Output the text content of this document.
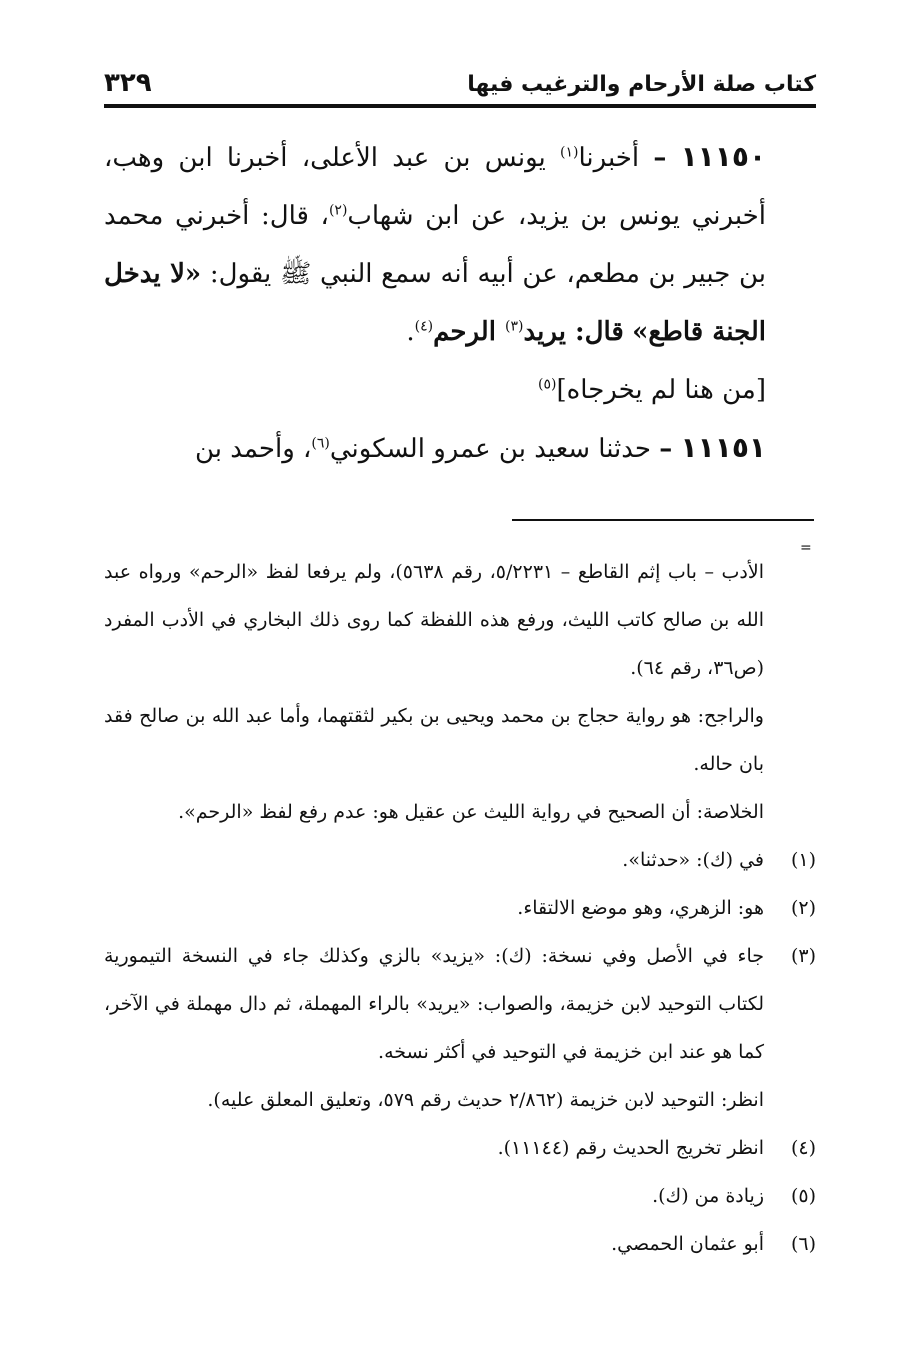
كتاب صلة الأرحام والترغيب فيها
٣٢٩

١١١٥٠ – أخبرنا$^{(١)}$ يونس بن عبد الأعلى، أخبرنا ابن وهب، أخبرني يونس بن يزيد، عن ابن شهاب$^{(٢)}$، قال: أخبرني محمد بن جبير بن مطعم، عن أبيه أنه سمع النبي ﷺ يقول: «لا يدخل الجنة قاطع» قال: يريد$^{(٣)}$ الرحم$^{(٤)}$.

[من هنا لم يخرجاه]$^{(٥)}$

١١١٥١ – حدثنا سعيد بن عمرو السكوني$^{(٦)}$، وأحمد بن

=

الأدب – باب إثم القاطع – ٥/٢٢٣١، رقم ٥٦٣٨)، ولم يرفعا لفظ «الرحم» ورواه عبد الله بن صالح كاتب الليث، ورفع هذه اللفظة كما روى ذلك البخاري في الأدب المفرد (ص٣٦، رقم ٦٤).

والراجح: هو رواية حجاج بن محمد ويحيى بن بكير لثقتهما، وأما عبد الله بن صالح فقد بان حاله.

الخلاصة: أن الصحيح في رواية الليث عن عقيل هو: عدم رفع لفظ «الرحم».

(١)
في (ك): «حدثنا».
(٢)
هو: الزهري، وهو موضع الالتقاء.
(٣)
جاء في الأصل وفي نسخة: (ك): «يزيد» بالزي وكذلك جاء في النسخة التيمورية لكتاب التوحيد لابن خزيمة، والصواب: «يريد» بالراء المهملة، ثم دال مهملة في الآخر، كما هو عند ابن خزيمة في التوحيد في أكثر نسخه.
انظر: التوحيد لابن خزيمة (٢/٨٦٢ حديث رقم ٥٧٩، وتعليق المعلق عليه).
(٤)
انظر تخريج الحديث رقم (١١١٤٤).
(٥)
زيادة من (ك).
(٦)
أبو عثمان الحمصي.
